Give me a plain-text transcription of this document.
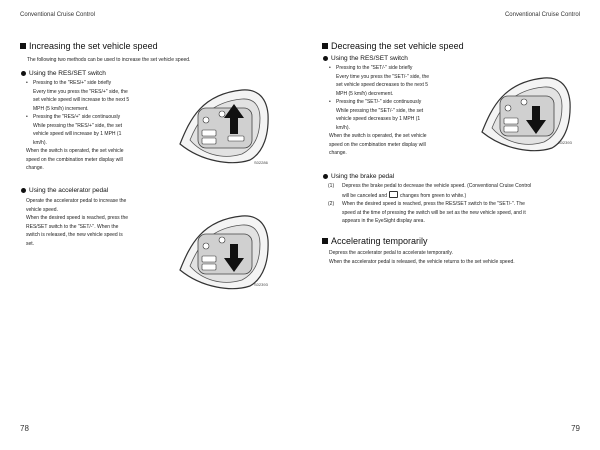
Conventional Cruise Control	Conventional Cruise Control
Increasing the set vehicle speed
The following two methods can be used to increase the set vehicle speed.
Using the RES/SET switch
•	Pressing to the "RES/+" side briefly
Every time you press the "RES/+" side, the
set vehicle speed will increase to the next 5
MPH (5 km/h) increment.
•	Pressing the "RES/+" side continuously
While pressing the "RES/+" side, the set
vehicle speed will increase by 1 MPH (1
km/h).
When the switch is operated, the set vehicle
speed on the combination meter display will
change.
S02286
Using the accelerator pedal
Operate the accelerator pedal to increase the
vehicle speed.
When the desired speed is reached, press the
RES/SET switch to the "SET/-". When the
switch is released, the new vehicle speed is
set.
S02393
78
Decreasing the set vehicle speed
Using the RES/SET switch
•	Pressing to the "SET/-" side briefly
Every time you press the "SET/-" side, the
set vehicle speed decreases to the next 5
MPH (5 km/h) decrement.
•	Pressing the "SET/-" side continuously
While pressing the "SET/-" side, the set
vehicle speed decreases by 1 MPH (1
km/h).
When the switch is operated, the set vehicle
speed on the combination meter display will
change.
S02393
Using the brake pedal
(1)	Depress the brake pedal to decrease the vehicle speed. (Conventional Cruise Control
will be canceled and	changes from green to white.)
(2)	When the desired speed is reached, press the RES/SET switch to the "SET/-". The
speed at the time of pressing the switch will be set as the new vehicle speed, and it
appears in the EyeSight display area.
Accelerating temporarily
Depress the accelerator pedal to accelerate temporarily.
When the accelerator pedal is released, the vehicle returns to the set vehicle speed.
79
